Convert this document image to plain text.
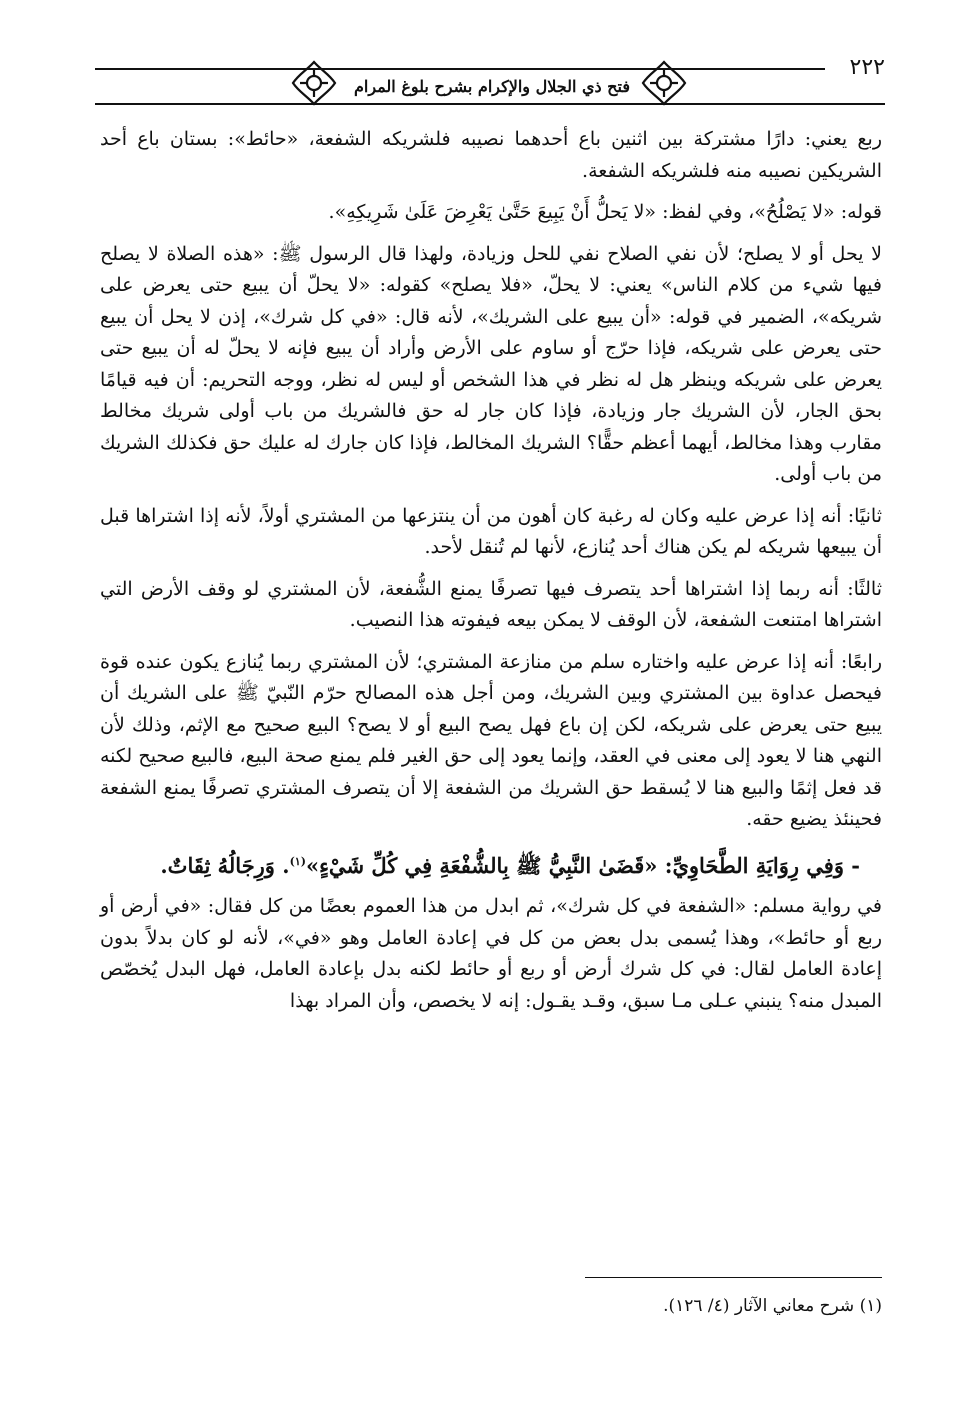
فتح ذي الجلال والإكرام بشرح بلوغ المرام
٢٢٢

ربع يعني: دارًا مشتركة بين اثنين باع أحدهما نصيبه فلشريكه الشفعة، «حائط»: بستان باع أحد الشريكين نصيبه منه فلشريكه الشفعة.

قوله: «لا يَصْلُحُ»، وفي لفظ: «لا يَحلُّ أَنْ يَبِيعَ حَتَّىٰ يَعْرِضَ عَلَىٰ شَرِيكِهِ».

لا يحل أو لا يصلح؛ لأن نفي الصلاح نفي للحل وزيادة، ولهذا قال الرسول ﷺ: «هذه الصلاة لا يصلح فيها شيء من كلام الناس» يعني: لا يحلّ، «فلا يصلح» كقوله: «لا يحلّ أن يبيع حتى يعرض على شريكه»، الضمير في قوله: «أن يبيع على الشريك»، لأنه قال: «في كل شرك»، إذن لا يحل أن يبيع حتى يعرض على شريكه، فإذا حرّج أو ساوم على الأرض وأراد أن يبيع فإنه لا يحلّ له أن يبيع حتى يعرض على شريكه وينظر هل له نظر في هذا الشخص أو ليس له نظر، ووجه التحريم: أن فيه قيامًا بحق الجار، لأن الشريك جار وزيادة، فإذا كان جار له حق فالشريك من باب أولى شريك مخالط مقارب وهذا مخالط، أيهما أعظم حقًّا؟ الشريك المخالط، فإذا كان جارك له عليك حق فكذلك الشريك من باب أولى.

ثانيًا: أنه إذا عرض عليه وكان له رغبة كان أهون من أن ينتزعها من المشتري أولاً، لأنه إذا اشتراها قبل أن يبيعها شريكه لم يكن هناك أحد يُنازع، لأنها لم تُنقل لأحد.

ثالثًا: أنه ربما إذا اشتراها أحد يتصرف فيها تصرفًا يمنع الشُّفعة، لأن المشتري لو وقف الأرض التي اشتراها امتنعت الشفعة، لأن الوقف لا يمكن بيعه فيفوته هذا النصيب.

رابعًا: أنه إذا عرض عليه واختاره سلم من منازعة المشتري؛ لأن المشتري ربما يُنازع يكون عنده قوة فيحصل عداوة بين المشتري وبين الشريك، ومن أجل هذه المصالح حرّم النّبيّ ﷺ على الشريك أن يبيع حتى يعرض على شريكه، لكن إن باع فهل يصح البيع أو لا يصح؟ البيع صحيح مع الإثم، وذلك لأن النهي هنا لا يعود إلى معنى في العقد، وإنما يعود إلى حق الغير فلم يمنع صحة البيع، فالبيع صحيح لكنه قد فعل إثمًا والبيع هنا لا يُسقط حق الشريك من الشفعة إلا أن يتصرف المشتري تصرفًا يمنع الشفعة فحينئذ يضيع حقه.

- وَفِي رِوَايَةِ الطَّحَاوِيِّ: «قَضَىٰ النَّبِيُّ ﷺ بِالشُّفْعَةِ فِي كُلِّ شَيْءٍ»$^{(١)}$. وَرِجَالُهُ ثِقَاتٌ.

في رواية مسلم: «الشفعة في كل شرك»، ثم ابدل من هذا العموم بعضًا من كل فقال: «في أرض أو ربع أو حائط»، وهذا يُسمى بدل بعض من كل في إعادة العامل وهو «في»، لأنه لو كان بدلاً بدون إعادة العامل لقال: في كل شرك أرض أو ربع أو حائط لكنه بدل بإعادة العامل، فهل البدل يُخصّص المبدل منه؟ ينبني عـلى مـا سبق، وقـد يقـول: إنه لا يخصص، وأن المراد بهذا

(١) شرح معاني الآثار (٤/ ١٢٦).
